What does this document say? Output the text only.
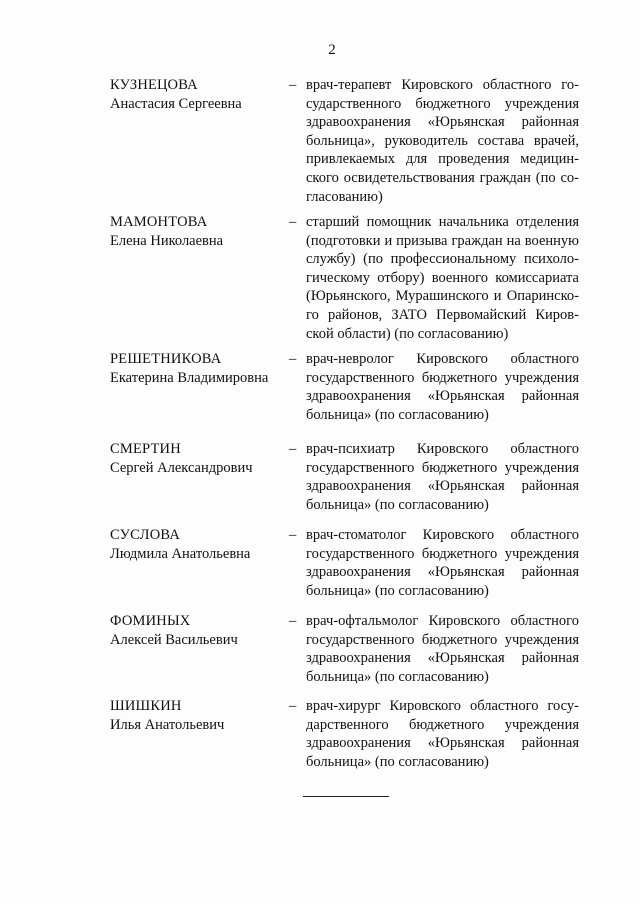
2
КУЗНЕЦОВА
Анастасия Сергеевна
– врач-терапевт Кировского областного государственного бюджетного учреждения здравоохранения «Юрьянская районная больница», руководитель состава врачей, привлекаемых для проведения медицинского освидетельствования граждан (по согласованию)
МАМОНТОВА
Елена Николаевна
– старший помощник начальника отделения (подготовки и призыва граждан на военную службу) (по профессиональному психологическому отбору) военного комиссариата (Юрьянского, Мурашинского и Опаринского районов, ЗАТО Первомайский Кировской области) (по согласованию)
РЕШЕТНИКОВА
Екатерина Владимировна
– врач-невролог Кировского областного государственного бюджетного учреждения здравоохранения «Юрьянская районная больница» (по согласованию)
СМЕРТИН
Сергей Александрович
– врач-психиатр Кировского областного государственного бюджетного учреждения здравоохранения «Юрьянская районная больница» (по согласованию)
СУСЛОВА
Людмила Анатольевна
– врач-стоматолог Кировского областного государственного бюджетного учреждения здравоохранения «Юрьянская районная больница» (по согласованию)
ФОМИНЫХ
Алексей Васильевич
– врач-офтальмолог Кировского областного государственного бюджетного учреждения здравоохранения «Юрьянская районная больница» (по согласованию)
ШИШКИН
Илья Анатольевич
– врач-хирург Кировского областного государственного бюджетного учреждения здравоохранения «Юрьянская районная больница» (по согласованию)
